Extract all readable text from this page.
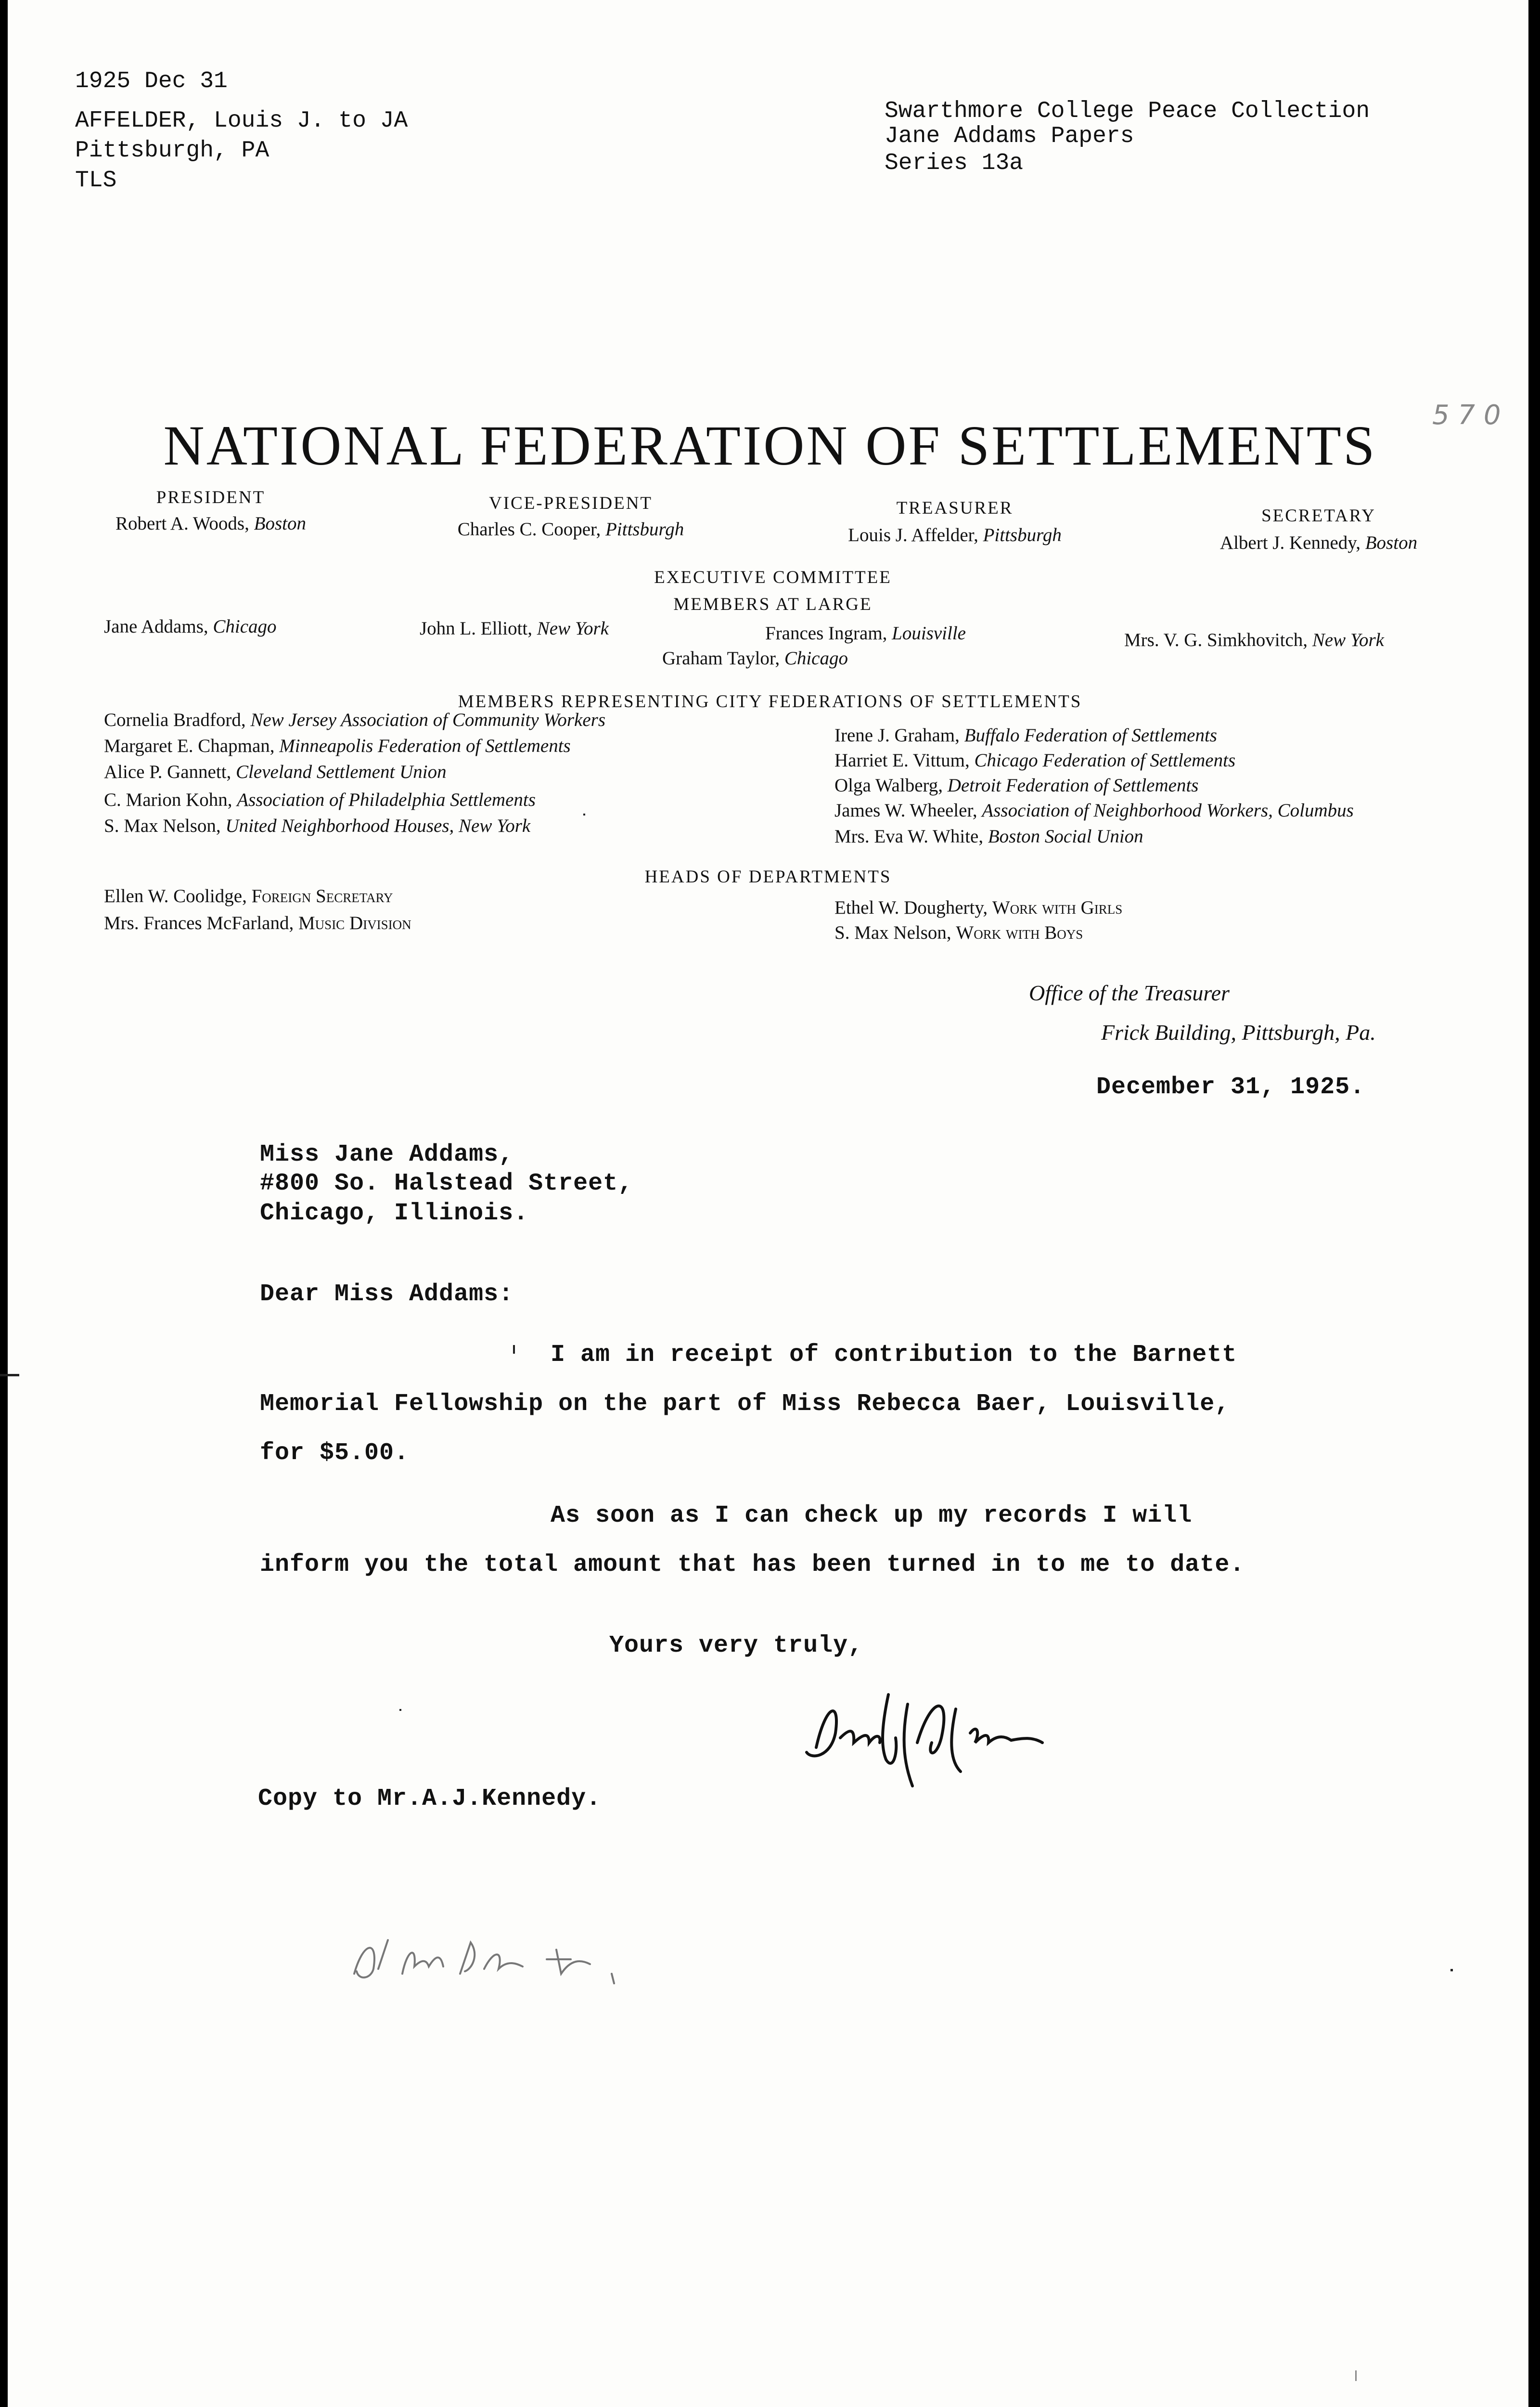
1925 Dec 31
AFFELDER, Louis J. to JA
Pittsburgh, PA
TLS
Swarthmore College Peace Collection
Jane Addams Papers
Series 13a
5 7 0
NATIONAL FEDERATION OF SETTLEMENTS
PRESIDENT
Robert A. Woods, Boston
VICE-PRESIDENT
Charles C. Cooper, Pittsburgh
TREASURER
Louis J. Affelder, Pittsburgh
SECRETARY
Albert J. Kennedy, Boston
EXECUTIVE COMMITTEE
MEMBERS AT LARGE
Jane Addams, Chicago	John L. Elliott, New York	Frances Ingram, Louisville
Graham Taylor, Chicago
Mrs. V. G. Simkhovitch, New York
MEMBERS REPRESENTING CITY FEDERATIONS OF SETTLEMENTS
Cornelia Bradford, New Jersey Association of Community Workers
Margaret E. Chapman, Minneapolis Federation of Settlements
Alice P. Gannett, Cleveland Settlement Union
C. Marion Kohn, Association of Philadelphia Settlements
S. Max Nelson, United Neighborhood Houses, New York
Irene J. Graham, Buffalo Federation of Settlements
Harriet E. Vittum, Chicago Federation of Settlements
Olga Walberg, Detroit Federation of Settlements
James W. Wheeler, Association of Neighborhood Workers, Columbus
Mrs. Eva W. White, Boston Social Union
HEADS OF DEPARTMENTS
Ellen W. Coolidge, Foreign Secretary
Mrs. Frances McFarland, Music Division
Ethel W. Dougherty, Work with Girls
S. Max Nelson, Work with Boys
Office of the Treasurer
Frick Building, Pittsburgh, Pa.
December 31, 1925.
Miss Jane Addams,
#800 So. Halstead Street,
Chicago, Illinois.
Dear Miss Addams:
I am in receipt of contribution to the Barnett
Memorial Fellowship on the part of Miss Rebecca Baer, Louisville,
for $5.00.
As soon as I can check up my records I will
inform you the total amount that has been turned in to me to date.
Yours very truly,
Copy to Mr.A.J.Kennedy.
